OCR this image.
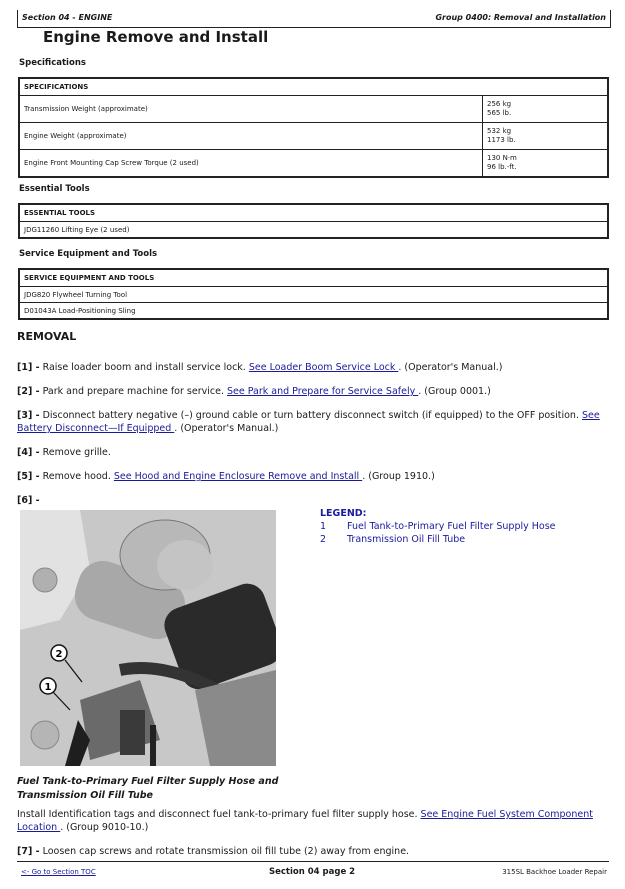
Section 04 - ENGINE	Group 0400: Removal and Installation
Engine Remove and Install
Specifications
SPECIFICATIONS	
Transmission Weight (approximate)	256 kg
565 lb.
Engine Weight (approximate)	532 kg
1173 lb.
Engine Front Mounting Cap Screw Torque (2 used)	130 N·m
96 lb.-ft.
Essential Tools
ESSENTIAL TOOLS
JDG11260 Lifting Eye (2 used)
Service Equipment and Tools
SERVICE EQUIPMENT AND TOOLS
JDG820 Flywheel Turning Tool
D01043A Load-Positioning Sling
REMOVAL
[1] - Raise loader boom and install service lock. See Loader Boom Service Lock . (Operator's Manual.)
[2] - Park and prepare machine for service. See Park and Prepare for Service Safely . (Group 0001.)
[3] - Disconnect battery negative (–) ground cable or turn battery disconnect switch (if equipped) to the OFF position. See Battery Disconnect—If Equipped . (Operator's Manual.)
[4] - Remove grille.
[5] - Remove hood. See Hood and Engine Enclosure Remove and Install . (Group 1910.)
[6] -
2
1
LEGEND:
1 Fuel Tank-to-Primary Fuel Filter Supply Hose
2 Transmission Oil Fill Tube
Fuel Tank-to-Primary Fuel Filter Supply Hose and
Transmission Oil Fill Tube
Install Identification tags and disconnect fuel tank-to-primary fuel filter supply hose. See Engine Fuel System Component Location . (Group 9010-10.)
[7] - Loosen cap screws and rotate transmission oil fill tube (2) away from engine.
<- Go to Section TOC	Section 04 page 2	315SL Backhoe Loader Repair
